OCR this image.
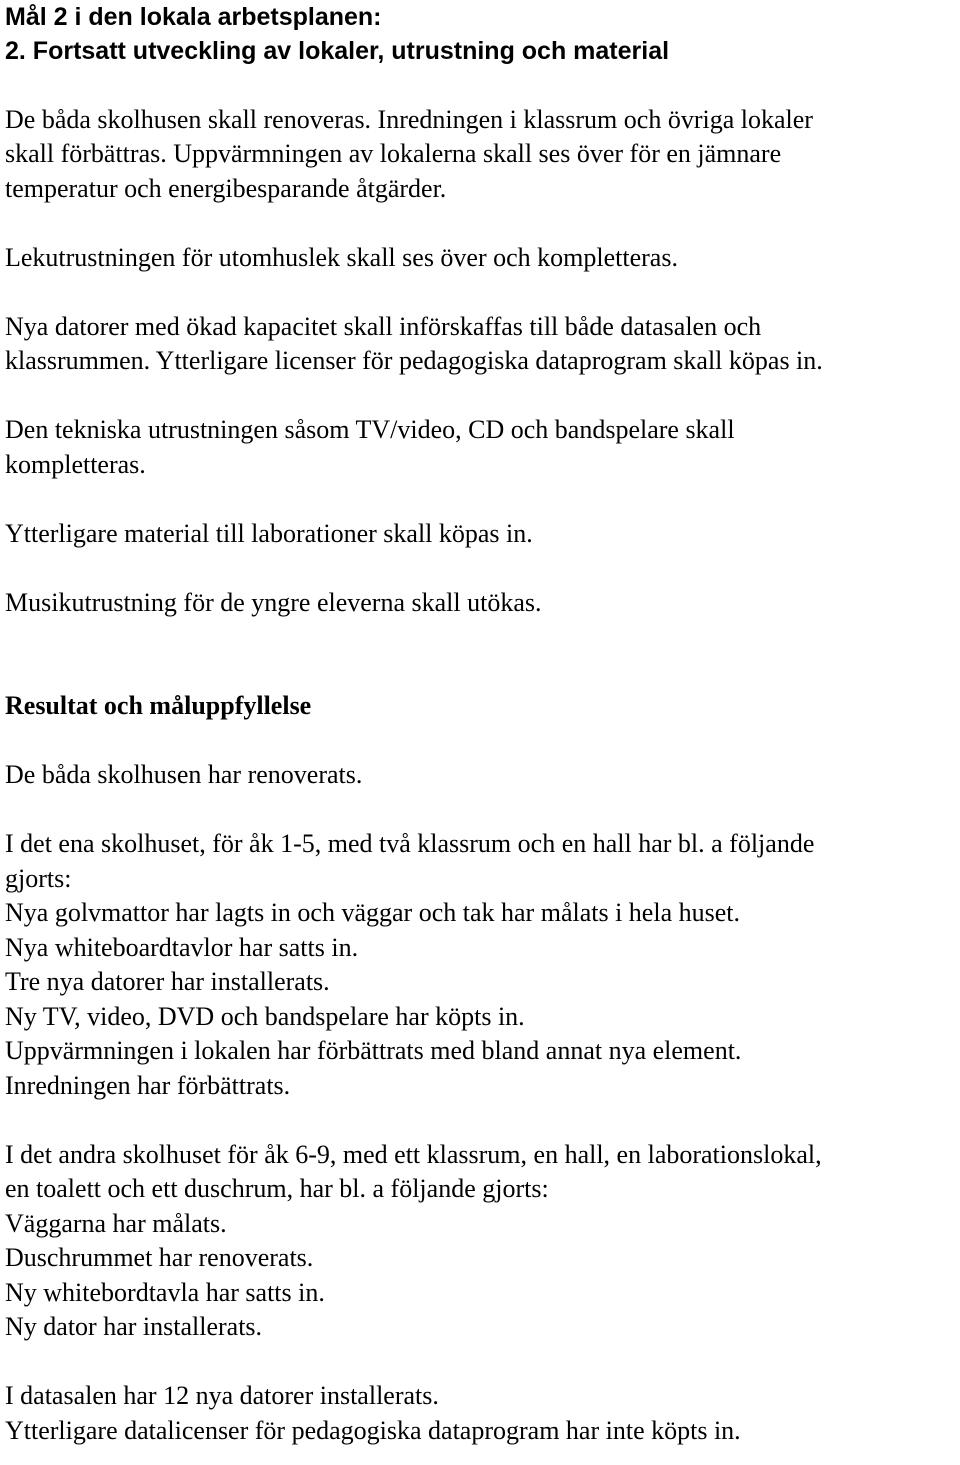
Mål 2 i den lokala arbetsplanen:

2. Fortsatt utveckling av lokaler, utrustning och material

De båda skolhusen skall renoveras. Inredningen i klassrum och övriga lokaler

skall förbättras. Uppvärmningen av lokalerna skall ses över för en jämnare

temperatur och energibesparande åtgärder.

Lekutrustningen för utomhuslek skall ses över och kompletteras.

Nya datorer med ökad kapacitet skall införskaffas till både datasalen och

klassrummen. Ytterligare licenser för pedagogiska dataprogram skall köpas in.

Den tekniska utrustningen såsom TV/video, CD och bandspelare skall

kompletteras.

Ytterligare material till laborationer skall köpas in.

Musikutrustning för de yngre eleverna skall utökas.

Resultat och måluppfyllelse

De båda skolhusen har renoverats.

I det ena skolhuset, för åk 1-5, med två klassrum och en hall har bl. a följande

gjorts:

Nya golvmattor har lagts in och väggar och tak har målats i hela huset.

Nya whiteboardtavlor har satts in.

Tre nya datorer har installerats.

Ny TV, video, DVD och bandspelare har köpts in.

Uppvärmningen i lokalen har förbättrats med bland annat nya element.

Inredningen har förbättrats.

I det andra skolhuset för åk 6-9, med ett klassrum, en hall, en laborationslokal,

en toalett och ett duschrum, har bl. a följande gjorts:

Väggarna har målats.

Duschrummet har renoverats.

Ny whitebordtavla har satts in.

Ny dator har installerats.

I datasalen har 12 nya datorer installerats.

Ytterligare datalicenser för pedagogiska dataprogram har inte köpts in.
